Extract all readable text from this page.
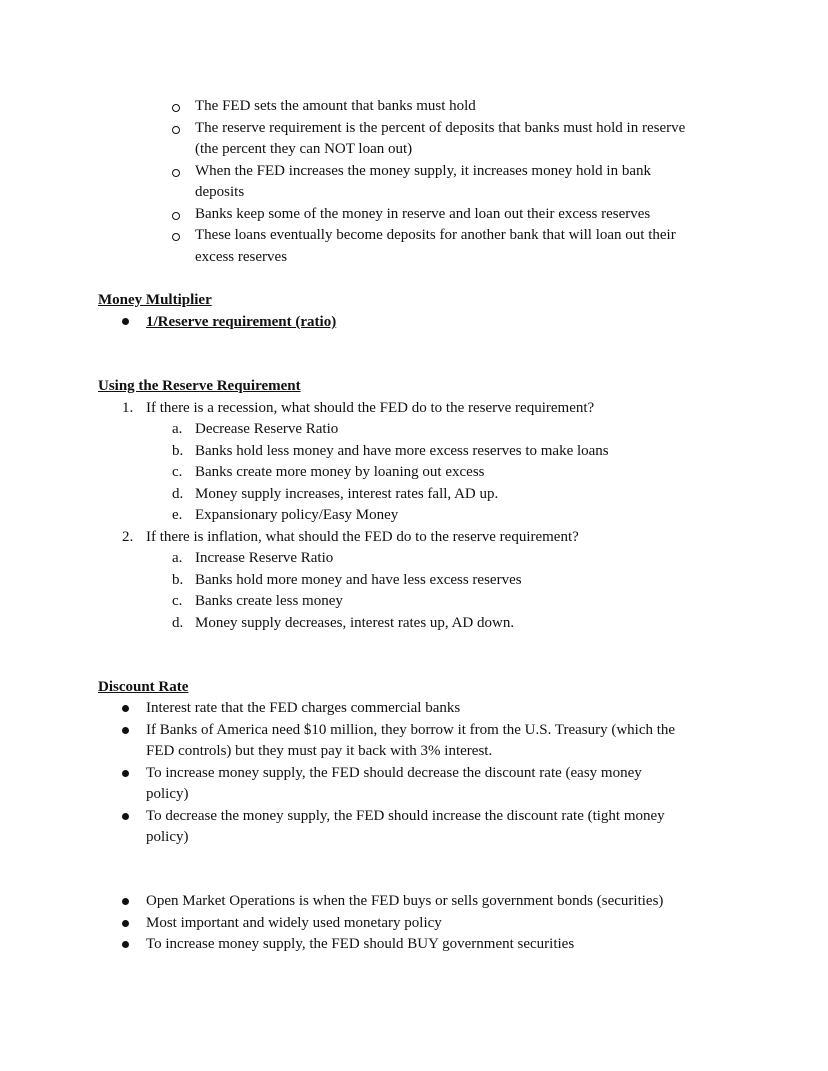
The FED sets the amount that banks must hold
The reserve requirement is the percent of deposits that banks must hold in reserve
(the percent they can NOT loan out)
When the FED increases the money supply, it increases money hold in bank
deposits
Banks keep some of the money in reserve and loan out their excess reserves
These loans eventually become deposits for another bank that will loan out their
excess reserves
Money Multiplier
1/Reserve requirement (ratio)
Using the Reserve Requirement
1. If there is a recession, what should the FED do to the reserve requirement?
a. Decrease Reserve Ratio
b. Banks hold less money and have more excess reserves to make loans
c. Banks create more money by loaning out excess
d. Money supply increases, interest rates fall, AD up.
e. Expansionary policy/Easy Money
2. If there is inflation, what should the FED do to the reserve requirement?
a. Increase Reserve Ratio
b. Banks hold more money and have less excess reserves
c. Banks create less money
d. Money supply decreases, interest rates up, AD down.
Discount Rate
Interest rate that the FED charges commercial banks
If Banks of America need $10 million, they borrow it from the U.S. Treasury (which the
FED controls) but they must pay it back with 3% interest.
To increase money supply, the FED should decrease the discount rate (easy money
policy)
To decrease the money supply, the FED should increase the discount rate (tight money
policy)
Open Market Operations is when the FED buys or sells government bonds (securities)
Most important and widely used monetary policy
To increase money supply, the FED should BUY government securities
